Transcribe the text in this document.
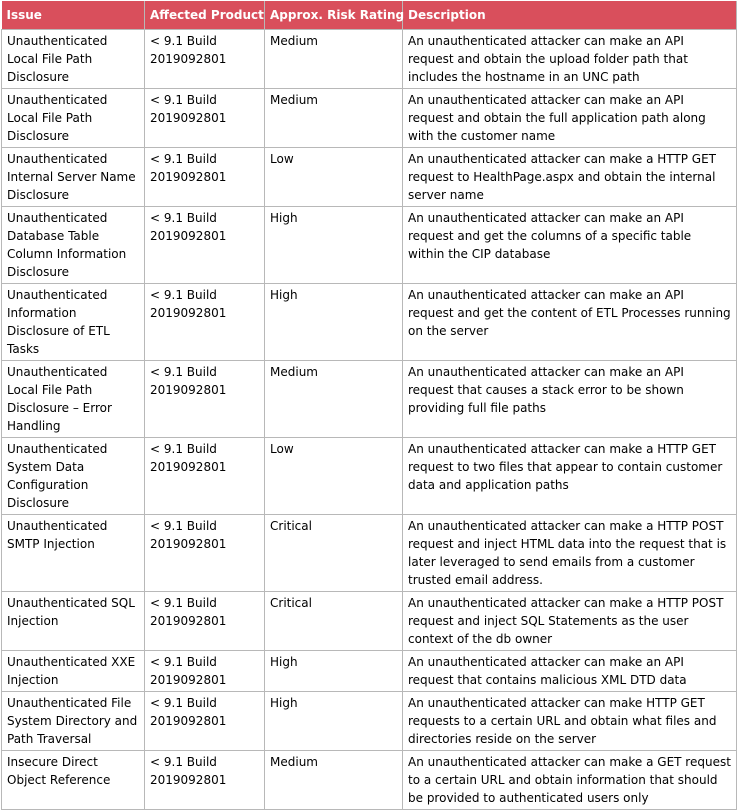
Issue	Affected Product	Approx. Risk Rating	Description
Unauthenticated Local File Path Disclosure	< 9.1 Build 2019092801	Medium	An unauthenticated attacker can make an API request and obtain the upload folder path that includes the hostname in an UNC path
Unauthenticated Local File Path Disclosure	< 9.1 Build 2019092801	Medium	An unauthenticated attacker can make an API request and obtain the full application path along with the customer name
Unauthenticated Internal Server Name Disclosure	< 9.1 Build 2019092801	Low	An unauthenticated attacker can make a HTTP GET request to HealthPage.aspx and obtain the internal server name
Unauthenticated Database Table Column Information Disclosure	< 9.1 Build 2019092801	High	An unauthenticated attacker can make an API request and get the columns of a specific table within the CIP database
Unauthenticated Information Disclosure of ETL Tasks	< 9.1 Build 2019092801	High	An unauthenticated attacker can make an API request and get the content of ETL Processes running on the server
Unauthenticated Local File Path Disclosure – Error Handling	< 9.1 Build 2019092801	Medium	An unauthenticated attacker can make an API request that causes a stack error to be shown providing full file paths
Unauthenticated System Data Configuration Disclosure	< 9.1 Build 2019092801	Low	An unauthenticated attacker can make a HTTP GET request to two files that appear to contain customer data and application paths
Unauthenticated SMTP Injection	< 9.1 Build 2019092801	Critical	An unauthenticated attacker can make a HTTP POST request and inject HTML data into the request that is later leveraged to send emails from a customer trusted email address.
Unauthenticated SQL Injection	< 9.1 Build 2019092801	Critical	An unauthenticated attacker can make a HTTP POST request and inject SQL Statements as the user context of the db owner
Unauthenticated XXE Injection	< 9.1 Build 2019092801	High	An unauthenticated attacker can make an API request that contains malicious XML DTD data
Unauthenticated File System Directory and Path Traversal	< 9.1 Build 2019092801	High	An unauthenticated attacker can make HTTP GET requests to a certain URL and obtain what files and directories reside on the server
Insecure Direct Object Reference	< 9.1 Build 2019092801	Medium	An unauthenticated attacker can make a GET request to a certain URL and obtain information that should be provided to authenticated users only
